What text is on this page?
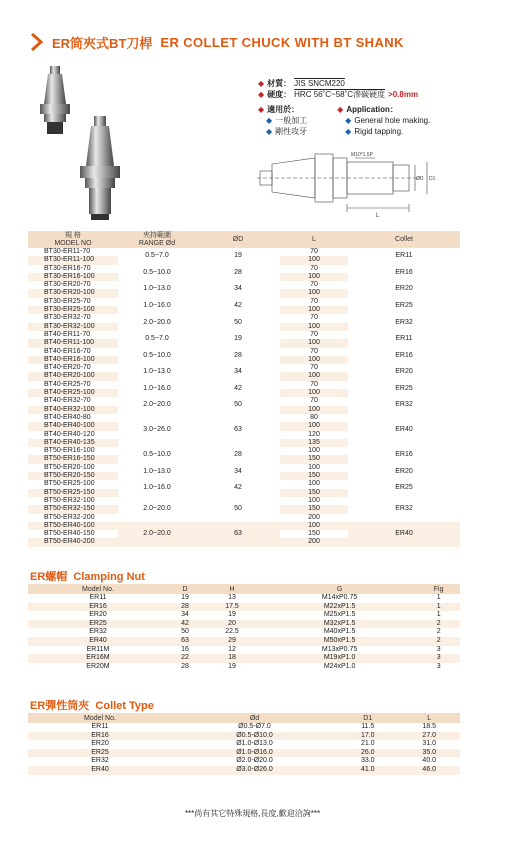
ER筒夾式BT刀桿 ER COLLET CHUCK WITH BT SHANK
◆ 材質： JIS SNCM220
◆ 硬度： HRC 56˚C~58˚C滲碳硬度 >0.8mm
◆ 適用於：
◆ 一般加工
◆ 剛性攻牙
◆ Application：
◆ General hole making.
◆ Rigid tapping.
M10*1.5P
L
ØD D1
規 格
MODEL NO	夾持範圍
RANGE Ød	ØD	L	Collet
BT30-ER11-70	0.5~7.0	19	70	ER11
BT30-ER11-100			100	
BT30-ER16-70	0.5~10.0	28	70	ER16
BT30-ER16-100			100	
BT30-ER20-70	1.0~13.0	34	70	ER20
BT30-ER20-100			100	
BT30-ER25-70	1.0~16.0	42	70	ER25
BT30-ER25-100			100	
BT30-ER32-70	2.0~20.0	50	70	ER32
BT30-ER32-100			100	
BT40-ER11-70	0.5~7.0	19	70	ER11
BT40-ER11-100			100	
BT40-ER16-70	0.5~10.0	28	70	ER16
BT40-ER16-100			100	
BT40-ER20-70	1.0~13.0	34	70	ER20
BT40-ER20-100			100	
BT40-ER25-70	1.0~16.0	42	70	ER25
BT40-ER25-100			100	
BT40-ER32-70	2.0~20.0	50	70	ER32
BT40-ER32-100			100	
BT40-ER40-80	3.0~26.0	63	80	ER40
BT40-ER40-100			100	
BT40-ER40-120			120	
BT40-ER40-135			135	
BT50-ER16-100	0.5~10.0	28	100	ER16
BT50-ER16-150			150	
BT50-ER20-100	1.0~13.0	34	100	ER20
BT50-ER20-150			150	
BT50-ER25-100	1.0~16.0	42	100	ER25
BT50-ER25-150			150	
BT50-ER32-100	2.0~20.0	50	100	ER32
BT50-ER32-150			150	
BT50-ER32-200			200	
BT50-ER40-100	2.0~20.0	63	100	ER40
BT50-ER40-150			150	
BT50-ER40-200			200	
ER螺帽 Clamping Nut
Model No.	D	H	G	Fig
ER11	19	13	M14xP0.75	1
ER16	28	17.5	M22xP1.5	1
ER20	34	19	M25xP1.5	1
ER25	42	20	M32xP1.5	2
ER32	50	22.5	M40xP1.5	2
ER40	63	29	M50xP1.5	2
ER11M	16	12	M13xP0.75	3
ER16M	22	18	M19xP1.0	3
ER20M	28	19	M24xP1.0	3
ER彈性筒夾 Collet Type
Model No.	Ød	D1	L
ER11	Ø0.5-Ø7.0	11.5	18.5
ER16	Ø0.5-Ø10.0	17.0	27.0
ER20	Ø1.0-Ø13.0	21.0	31.0
ER25	Ø1.0-Ø16.0	26.0	35.0
ER32	Ø2.0-Ø20.0	33.0	40.0
ER40	Ø3.0-Ø26.0	41.0	46.0
***尚有其它特殊規格,長度,歡迎洽詢***
